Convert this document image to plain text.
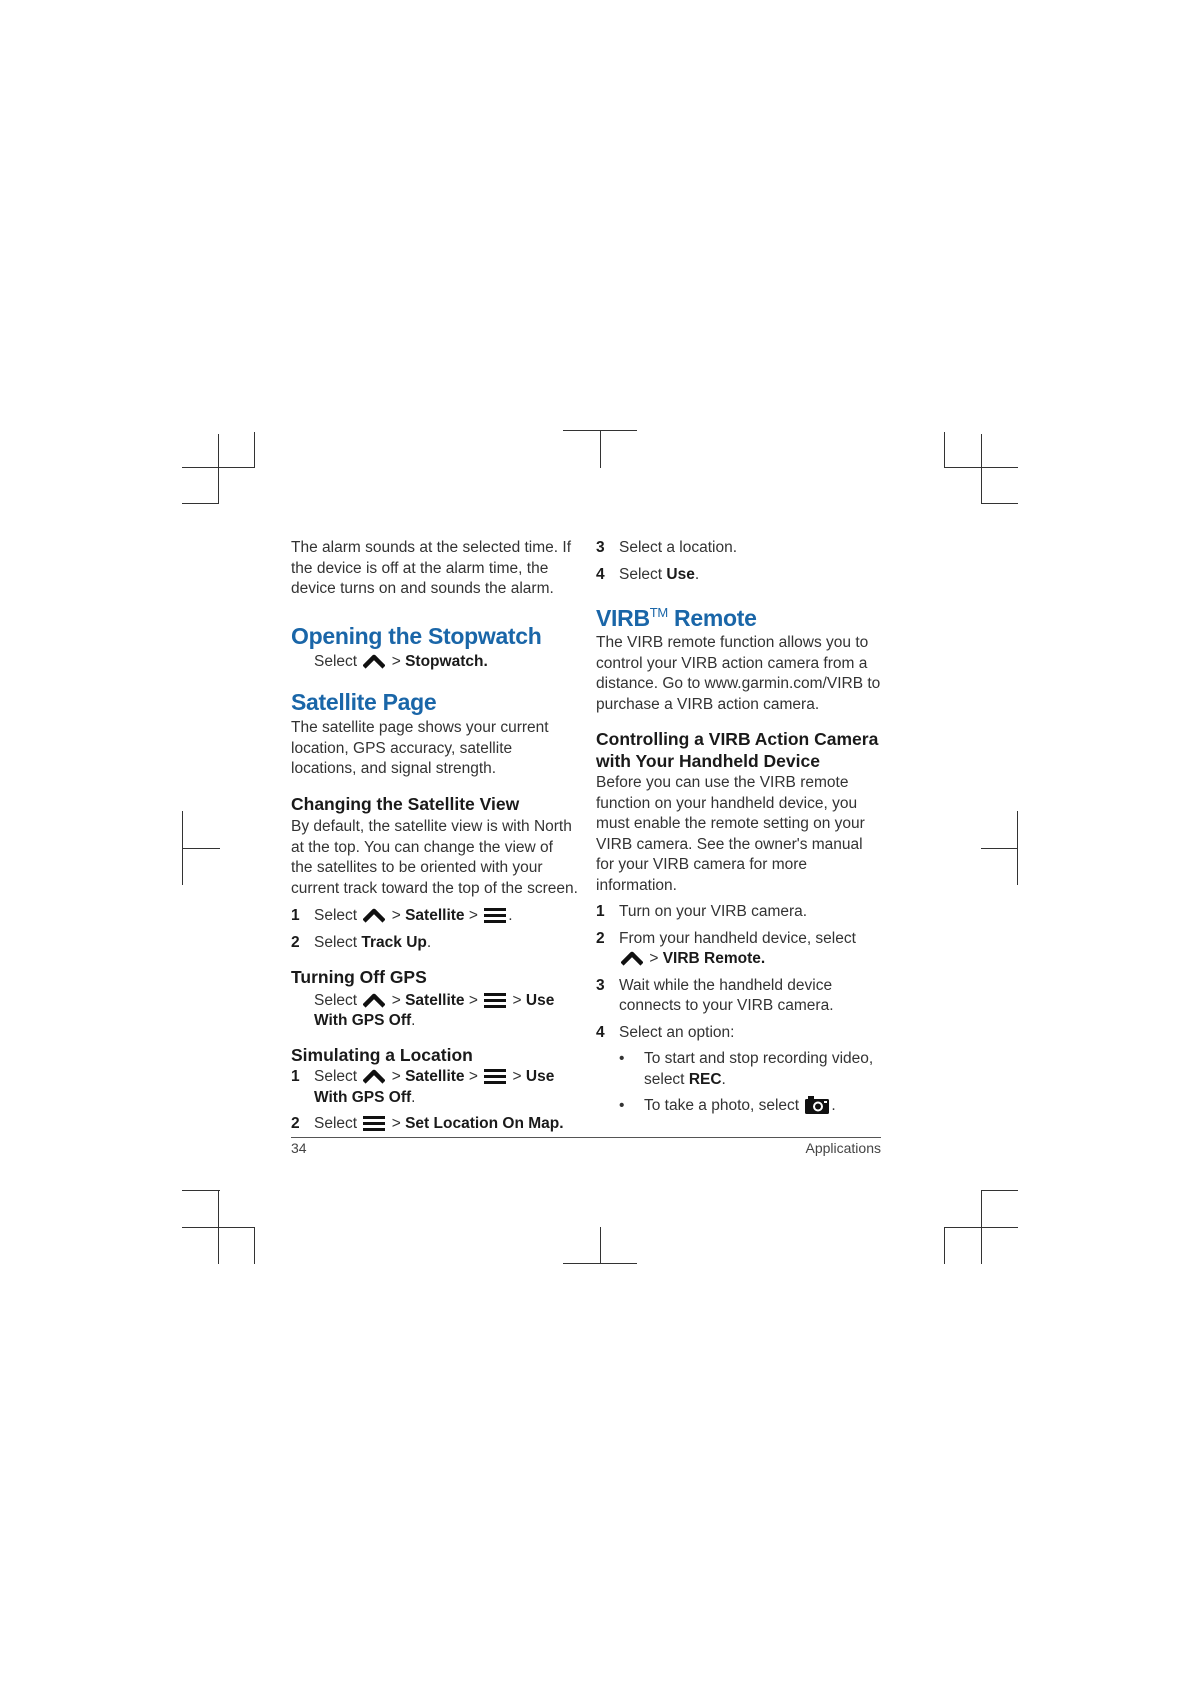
The alarm sounds at the selected time. If the device is off at the alarm time, the device turns on and sounds the alarm.

Opening the Stopwatch

Select > Stopwatch.

Satellite Page

The satellite page shows your current location, GPS accuracy, satellite locations, and signal strength.

Changing the Satellite View

By default, the satellite view is with North at the top. You can change the view of the satellites to be oriented with your current track toward the top of the screen.

1 Select > Satellite > .
2 Select Track Up.
Turning Off GPS

Select > Satellite > > Use With GPS Off.

Simulating a Location
1 Select > Satellite > > Use With GPS Off.
2 Select > Set Location On Map.
3 Select a location.
4 Select Use.
VIRB™ Remote

The VIRB remote function allows you to control your VIRB action camera from a distance. Go to www.garmin.com/VIRB to purchase a VIRB action camera.

Controlling a VIRB Action Camera with Your Handheld Device

Before you can use the VIRB remote function on your handheld device, you must enable the remote setting on your VIRB camera. See the owner's manual for your VIRB camera for more information.

1 Turn on your VIRB camera.
2 From your handheld device, select
> VIRB Remote.
3 Wait while the handheld device connects to your VIRB camera.
4 Select an option:
• To start and stop recording video, select REC.
• To take a photo, select .
34	Applications
